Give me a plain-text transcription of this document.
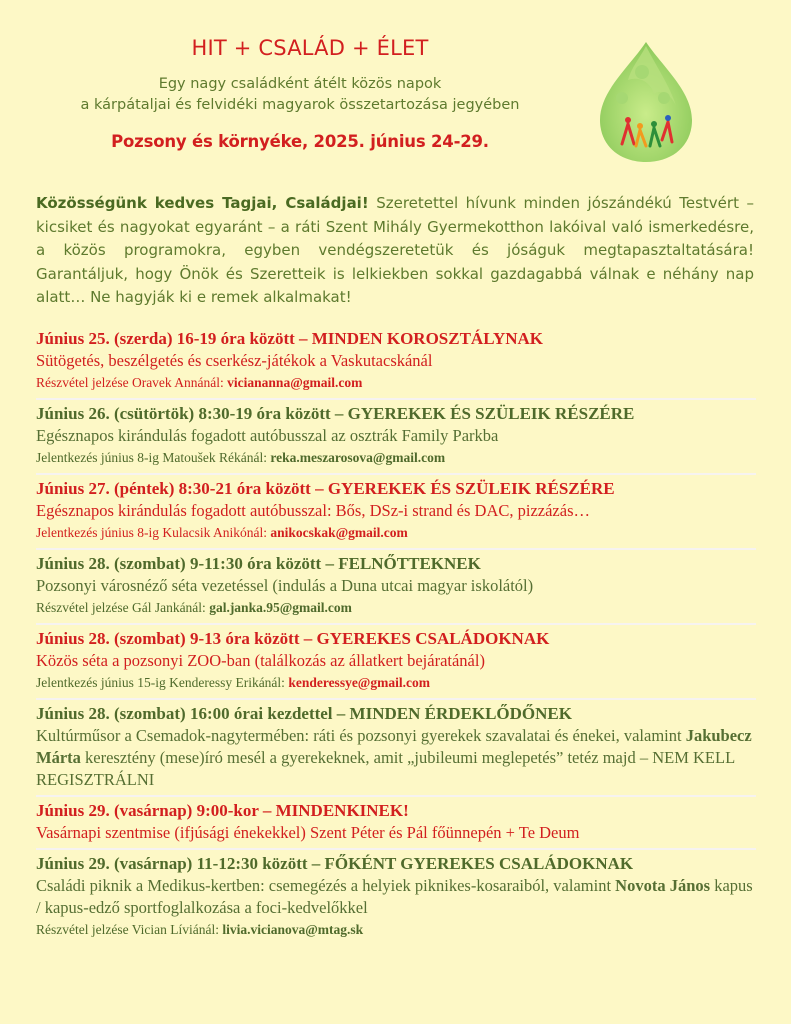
HIT + CSALÁD + ÉLET
Egy nagy családként átélt közös napok
a kárpátaljai és felvidéki magyarok összetartozása jegyében
Pozsony és környéke, 2025. június 24-29.

Közösségünk kedves Tagjai, Családjai! Szeretettel hívunk minden jószándékú Testvért – kicsiket és nagyokat egyaránt – a ráti Szent Mihály Gyermekotthon lakóival való ismerkedésre, a közös programokra, egyben vendégszeretetük és jóságuk megtapasztaltatására! Garantáljuk, hogy Önök és Szeretteik is lelkiekben sokkal gazdagabbá válnak e néhány nap alatt… Ne hagyják ki e remek alkalmakat!

Június 25. (szerda) 16-19 óra között – MINDEN KOROSZTÁLYNAK
Sütögetés, beszélgetés és cserkész-játékok a Vaskutacskánál
Részvétel jelzése Oravek Annánál: viciananna@gmail.com
Június 26. (csütörtök) 8:30-19 óra között – GYEREKEK ÉS SZÜLEIK RÉSZÉRE
Egésznapos kirándulás fogadott autóbusszal az osztrák Family Parkba
Jelentkezés június 8-ig Matoušek Rékánál: reka.meszarosova@gmail.com
Június 27. (péntek) 8:30-21 óra között – GYEREKEK ÉS SZÜLEIK RÉSZÉRE
Egésznapos kirándulás fogadott autóbusszal: Bős, DSz-i strand és DAC, pizzázás…
Jelentkezés június 8-ig Kulacsik Anikónál: anikocskak@gmail.com
Június 28. (szombat) 9-11:30 óra között – FELNŐTTEKNEK
Pozsonyi városnéző séta vezetéssel (indulás a Duna utcai magyar iskolától)
Részvétel jelzése Gál Jankánál: gal.janka.95@gmail.com
Június 28. (szombat) 9-13 óra között – GYEREKES CSALÁDOKNAK
Közös séta a pozsonyi ZOO-ban (találkozás az állatkert bejáratánál)
Jelentkezés június 15-ig Kenderessy Erikánál: kenderessye@gmail.com
Június 28. (szombat) 16:00 órai kezdettel – MINDEN ÉRDEKLŐDŐNEK
Kultúrműsor a Csemadok-nagytermében: ráti és pozsonyi gyerekek szavalatai és énekei, valamint Jakubecz Márta keresztény (mese)író mesél a gyerekeknek, amit „jubileumi meglepetés” tetéz majd – NEM KELL REGISZTRÁLNI
Június 29. (vasárnap) 9:00-kor – MINDENKINEK!
Vasárnapi szentmise (ifjúsági énekekkel) Szent Péter és Pál főünnepén + Te Deum
Június 29. (vasárnap) 11-12:30 között – FŐKÉNT GYEREKES CSALÁDOKNAK
Családi piknik a Medikus-kertben: csemegézés a helyiek piknikes-kosaraiból, valamint Novota János kapus / kapus-edző sportfoglalkozása a foci-kedvelőkkel
Részvétel jelzése Vician Líviánál: livia.vicianova@mtag.sk
